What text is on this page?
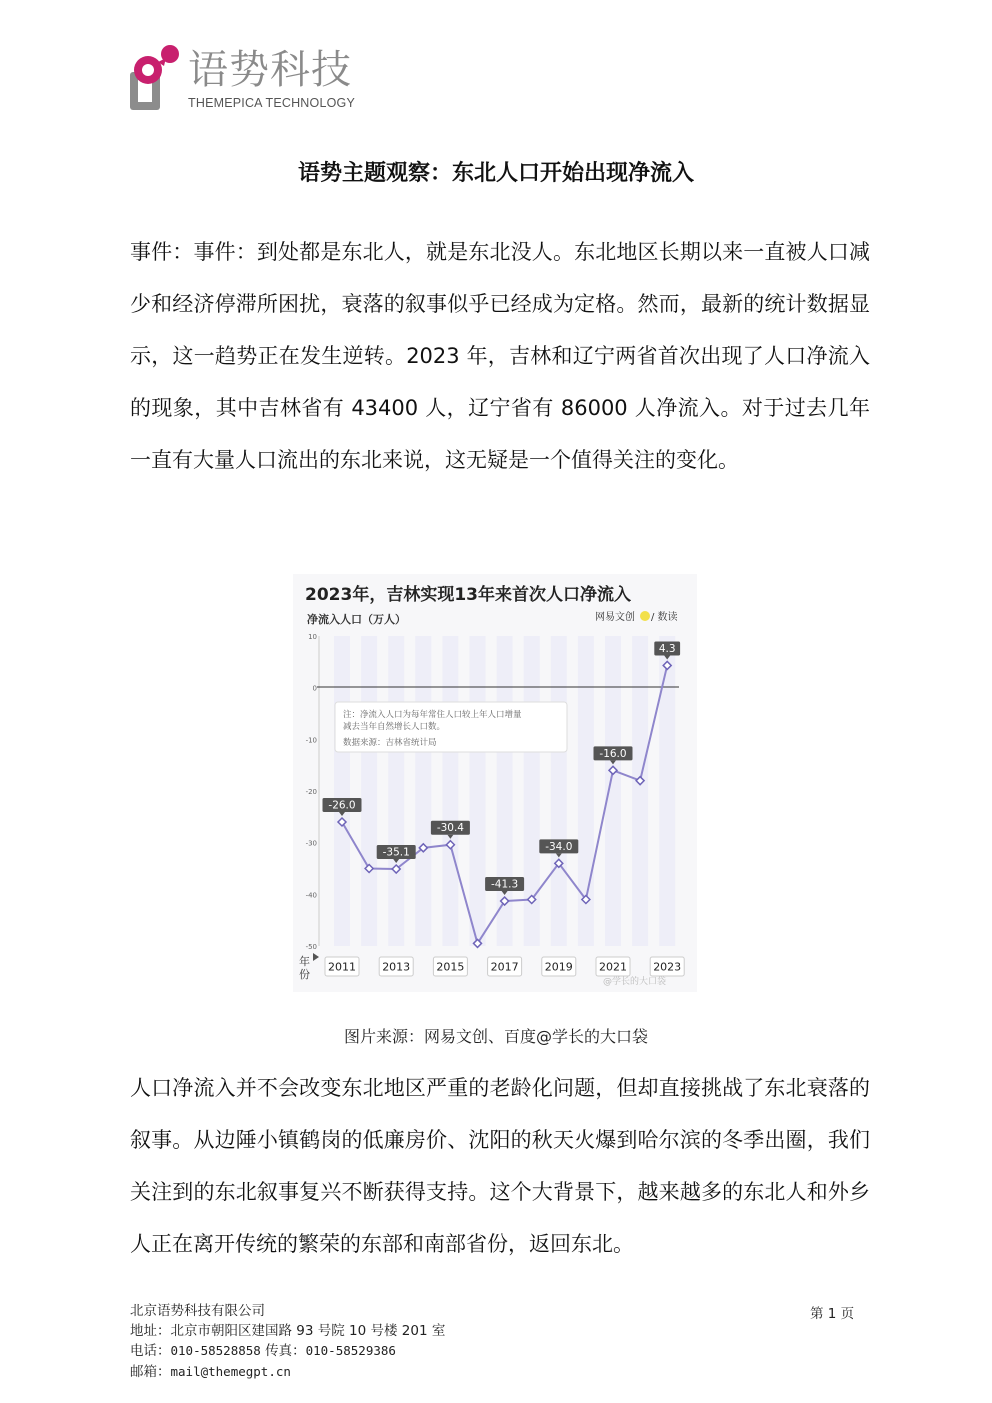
语势科技
THEMEPICA TECHNOLOGY
语势主题观察：东北人口开始出现净流入

事件：事件：到处都是东北人，就是东北没人。东北地区长期以来一直被人口减少和经济停滞所困扰，衰落的叙事似乎已经成为定格。然而，最新的统计数据显示，这一趋势正在发生逆转。2023 年，吉林和辽宁两省首次出现了人口净流入的现象，其中吉林省有 43400 人，辽宁省有 86000 人净流入。对于过去几年一直有大量人口流出的东北来说，这无疑是一个值得关注的变化。

2023年，吉林实现13年来首次人口净流入
净流入人口（万人）	网易文创 / 数读
10
0
-10
-20
-30
-40
-50
注：净流入人口为每年常住人口较上年人口增量
减去当年自然增长人口数。
数据来源：吉林省统计局
-26.0
-35.1
-30.4
-41.3
-34.0
-16.0
4.3
年
份
2011 2013 2015 2017 2019 2021 2023
@学长的大口袋
图片来源：网易文创、百度@学长的大口袋

人口净流入并不会改变东北地区严重的老龄化问题，但却直接挑战了东北衰落的叙事。从边陲小镇鹤岗的低廉房价、沈阳的秋天火爆到哈尔滨的冬季出圈，我们关注到的东北叙事复兴不断获得支持。这个大背景下，越来越多的东北人和外乡人正在离开传统的繁荣的东部和南部省份，返回东北。

北京语势科技有限公司
地址：北京市朝阳区建国路 93 号院 10 号楼 201 室
电话：010-58528858 传真：010-58529386
邮箱：mail@themegpt.cn
第 1 页
